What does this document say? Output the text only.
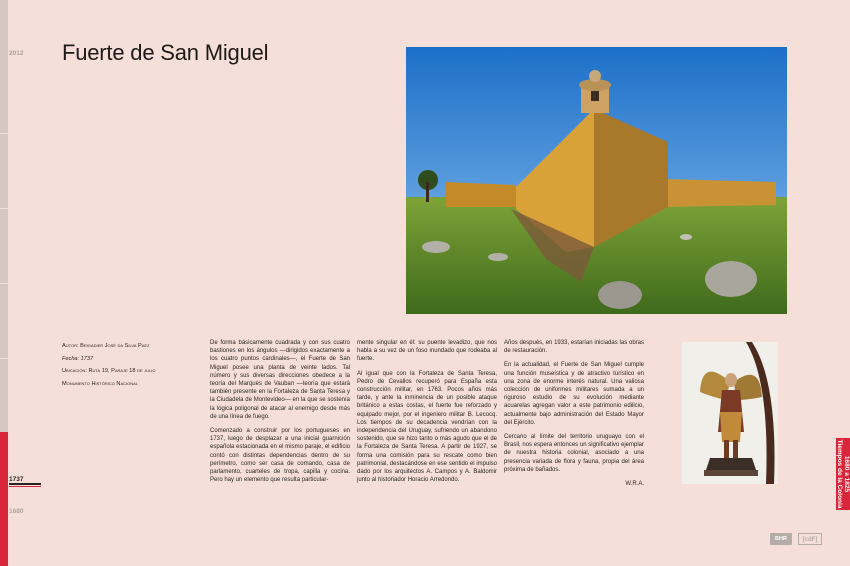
2012
1737
1680
Fuerte de San Miguel
Autor: Brigadier José da Silva Paez
Fecha: 1737
Ubicación: Ruta 19, Paraje 18 de julio
Monumento Histórico Nacional

De forma básicamente cuadrada y con sus cuatro bastiones en los ángulos —dirigidos exactamente a los cuatro puntos cardinales—, el Fuerte de San Miguel posee una planta de veinte lados. Tal número y sus diversas direcciones obedece a la teoría del Marqués de Vauban —teoría que estará también presente en la Fortaleza de Santa Teresa y la Ciudadela de Montevideo— en la que se sostenía la lógica poligonal de atacar al enemigo desde más de una línea de fuego.

Comenzado a construir por los portugueses en 1737, luego de desplazar a una inicial guarnición española estacionada en el mismo paraje, el edificio contó con distintas dependencias dentro de su perímetro, como ser casa de comando, casa de parlamento, cuarteles de tropa, capilla y cocina. Pero hay un elemento que resulta particular-

mente singular en él: su puente levadizo, que nos habla a su vez de un foso inundado que rodeaba al fuerte.

Al igual que con la Fortaleza de Santa Teresa, Pedro de Cevallos recuperó para España esta construcción militar, en 1763. Pocos años más tarde, y ante la inminencia de un posible ataque británico a estas costas, el fuerte fue reforzado y equipado mejor, por el ingeniero militar B. Lecocq. Los tiempos de su decadencia vendrían con la independencia del Uruguay, sufriendo un abandono sostenido, que se hizo tanto o más agudo que el de la Fortaleza de Santa Teresa. A partir de 1927, se forma una comisión para su rescate como bien patrimonial, destacándose en ese sentido el impulso dado por los arquitectos A. Campos y A. Baldomir junto al historiador Horacio Arredondo.

Años después, en 1933, estarían iniciadas las obras de restauración.

En la actualidad, el Fuerte de San Miguel cumple una función museística y de atractivo turístico en una zona de enorme interés natural. Una valiosa colección de uniformes militares sumada a un riguroso estudio de su evolución mediante acuarelas agregan valor a este patrimonio edilicio, actualmente bajo administración del Estado Mayor del Ejército.

Cercano al límite del territorio uruguayo con el Brasil, nos espera entonces un significativo ejemplar de nuestra historia colonial, asociado a una presencia variada de flora y fauna, propia del área próxima de bañados.

W.R.A.	1680 a 1825
Tiempos de la Colonia
BHR	[cdF]
